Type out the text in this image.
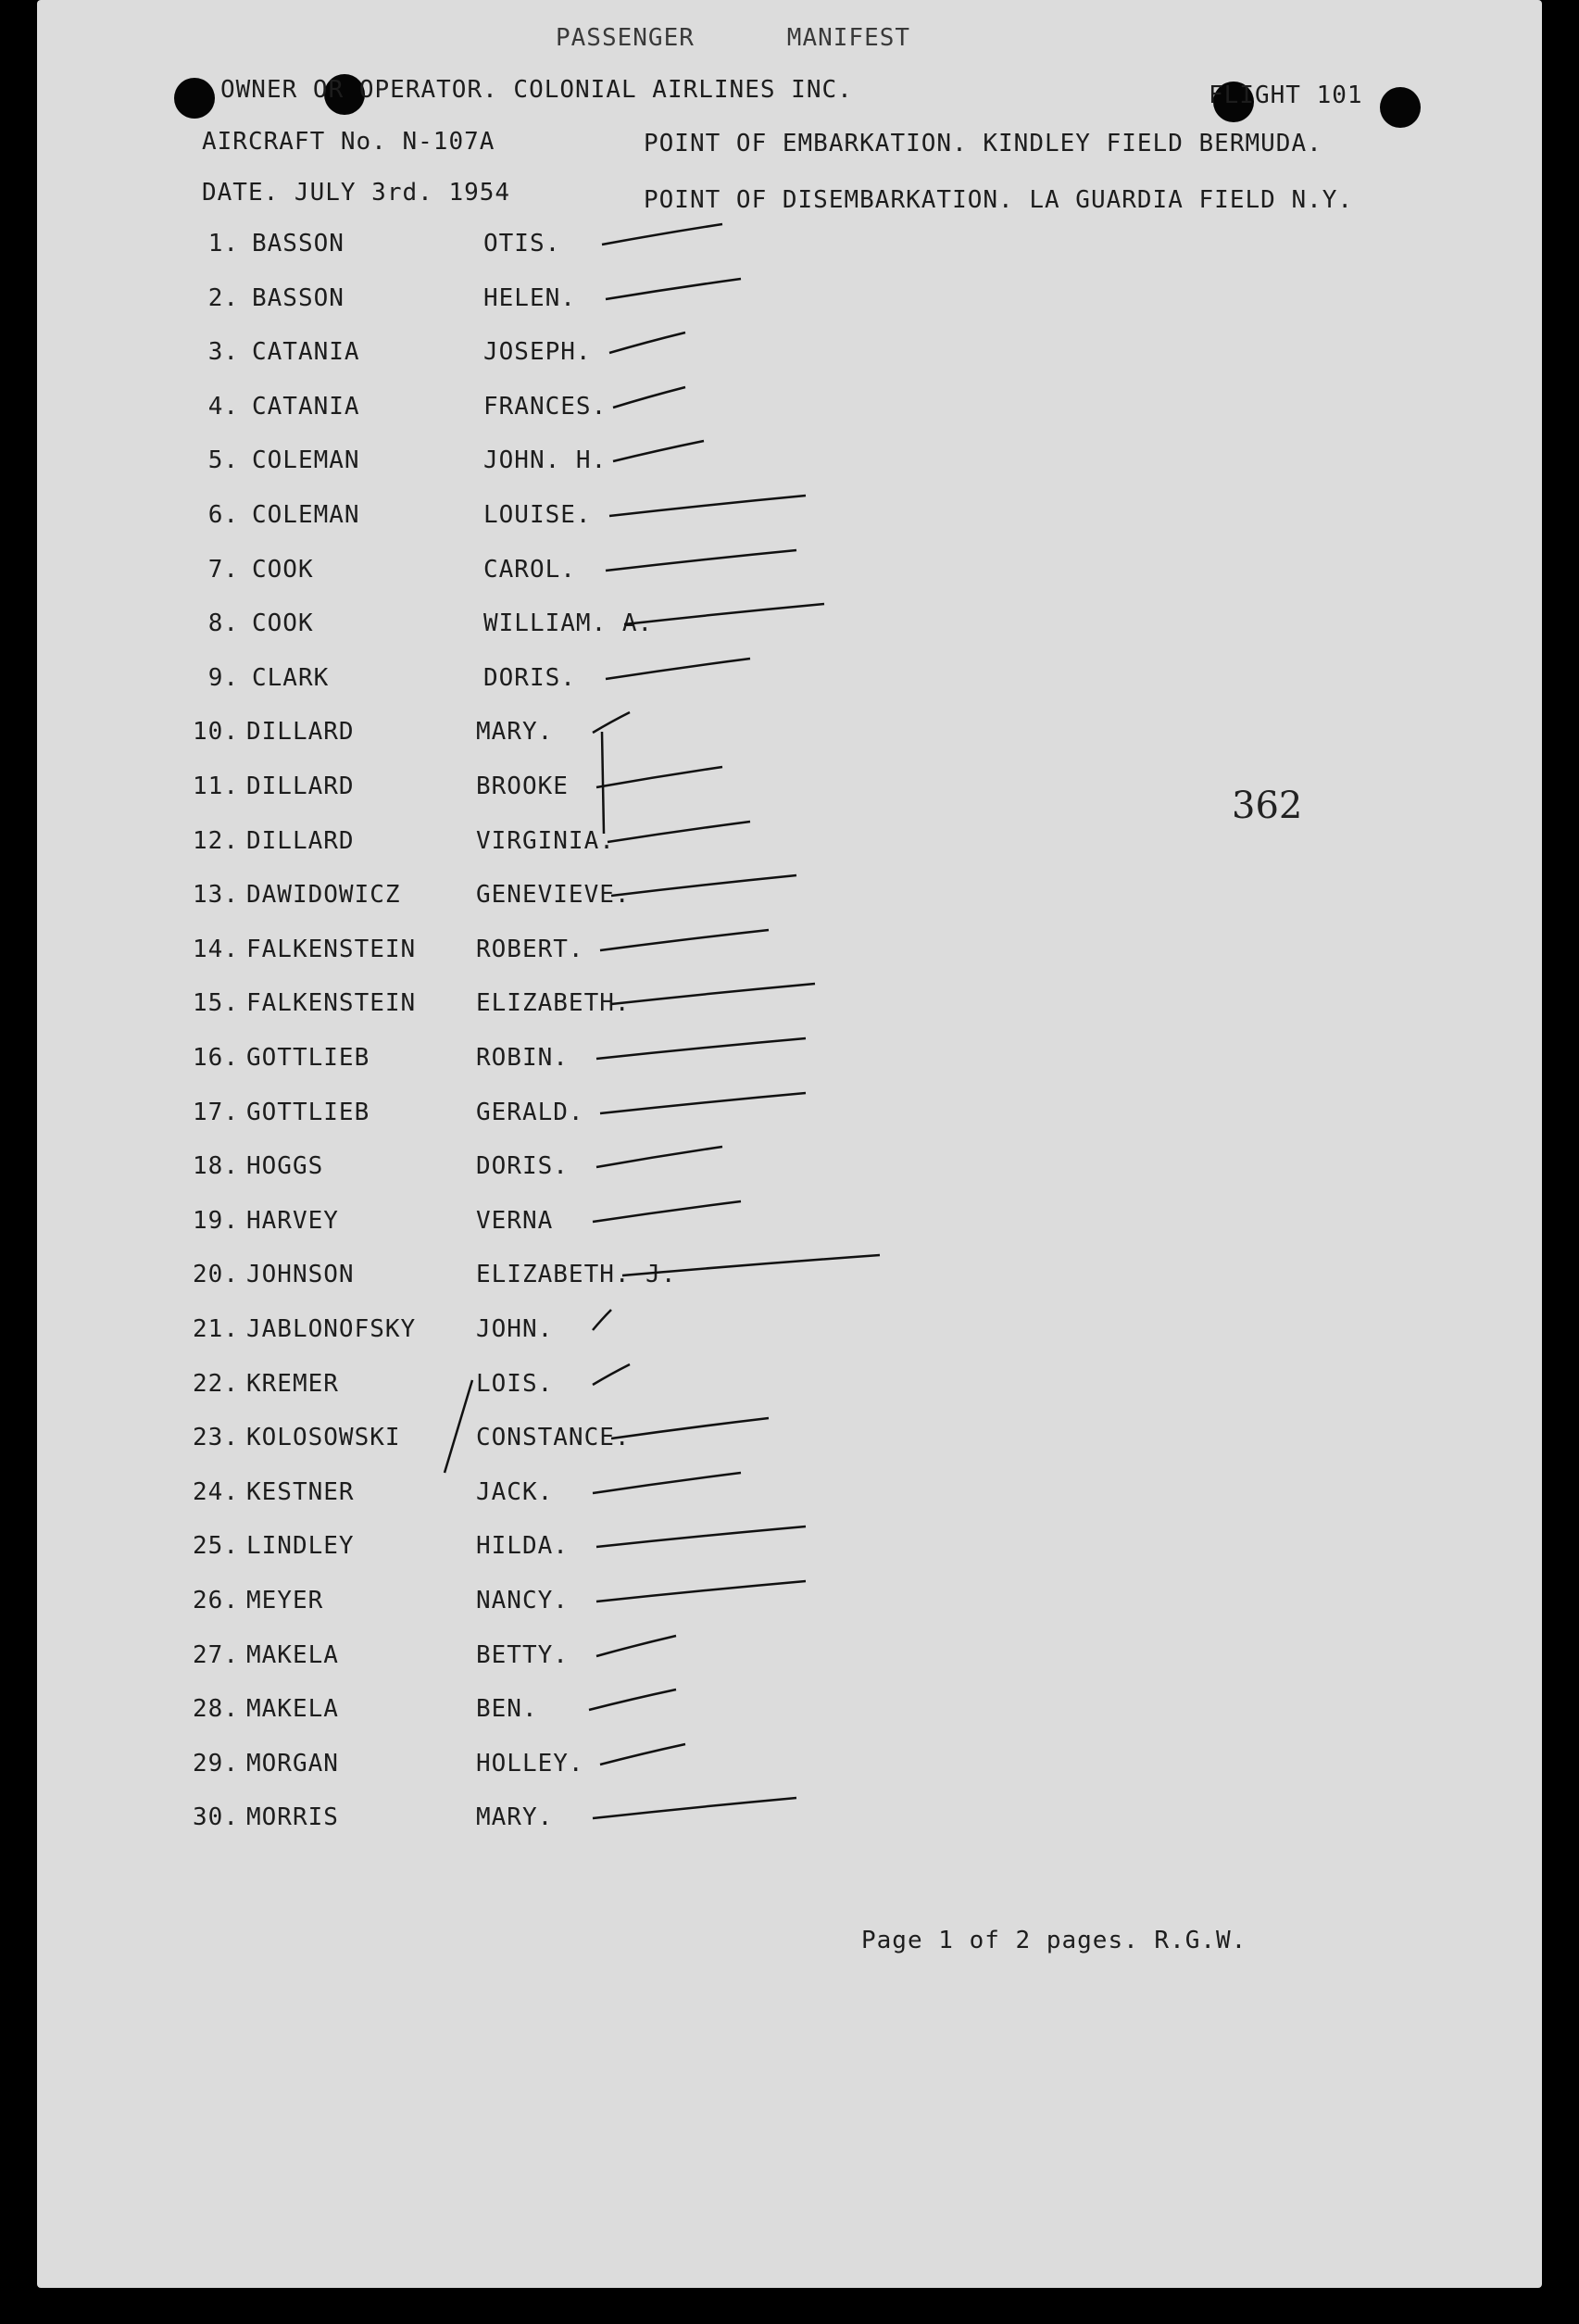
PASSENGER      MANIFEST
OWNER OR OPERATOR. COLONIAL AIRLINES INC.	FLIGHT 101
AIRCRAFT No. N-107A	POINT OF EMBARKATION. KINDLEY FIELD BERMUDA.
DATE. JULY 3rd. 1954	POINT OF DISEMBARKATION. LA GUARDIA FIELD N.Y.
1. BASSON	OTIS.
2. BASSON	HELEN.
3. CATANIA	JOSEPH.
4. CATANIA	FRANCES.
5. COLEMAN	JOHN. H.
6. COLEMAN	LOUISE.
7. COOK	CAROL.
8. COOK	WILLIAM. A.
9. CLARK	DORIS.
10. DILLARD	MARY.
11. DILLARD	BROOKE
12. DILLARD	VIRGINIA.
13. DAWIDOWICZ	GENEVIEVE.
14. FALKENSTEIN ROBERT.
15. FALKENSTEIN ELIZABETH.
16. GOTTLIEB	ROBIN.
17. GOTTLIEB	GERALD.
18. HOGGS	DORIS.
19. HARVEY	VERNA
20. JOHNSON	ELIZABETH. J.
21. JABLONOFSKY JOHN.
22. KREMER	LOIS.
23. KOLOSOWSKI	CONSTANCE.
24. KESTNER	JACK.
25. LINDLEY	HILDA.
26. MEYER	NANCY.
27. MAKELA	BETTY.
28. MAKELA	BEN.
29. MORGAN	HOLLEY.
30. MORRIS	MARY.
362
Page 1 of 2 pages. R.G.W.
